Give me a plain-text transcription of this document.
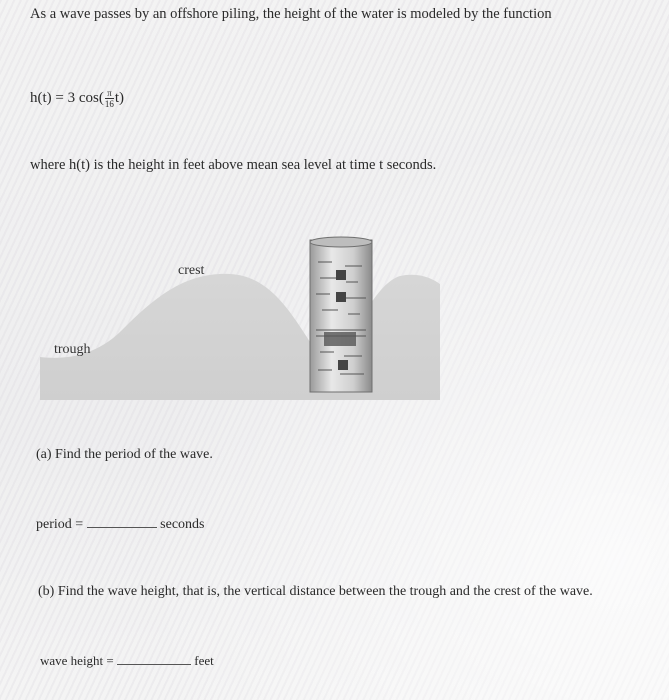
As a wave passes by an offshore piling, the height of the water is modeled by the function
h(t) = 3 $\cos( \frac{\pi}{16} t)$
where h(t) is the height in feet above mean sea level at time t seconds.
crest
trough
(a) Find the period of the wave.
period =	seconds
(b) Find the wave height, that is, the vertical distance between the trough and the crest of the wave.
wave height =	feet
